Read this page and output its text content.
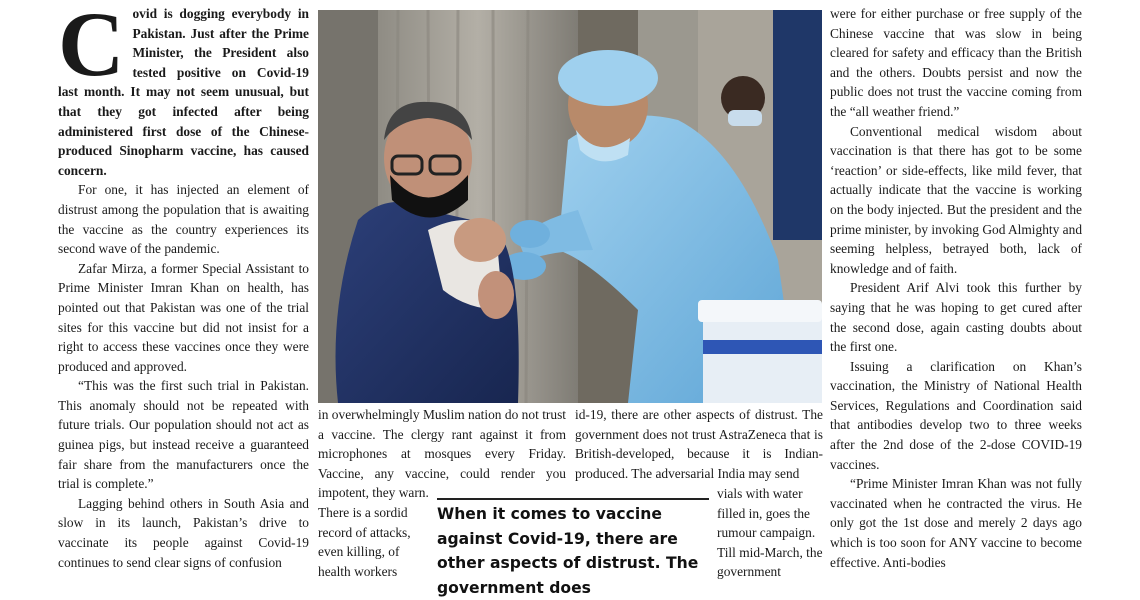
Covid is dogging everybody in Pakistan. Just after the Prime Minister, the President also tested positive on Covid-19 last month. It may not seem unusual, but that they got infected after being administered first dose of the Chinese-produced Sinopharm vaccine, has caused concern.

For one, it has injected an element of distrust among the population that is awaiting the vaccine as the country experiences its second wave of the pandemic.

Zafar Mirza, a former Special Assistant to Prime Minister Imran Khan on health, has pointed out that Pakistan was one of the trial sites for this vaccine but did not insist for a right to access these vaccines once they were produced and approved.

“This was the first such trial in Pakistan. This anomaly should not be repeated with future trials. Our population should not act as guinea pigs, but instead receive a guaranteed fair share from the manufacturers once the trial is complete.”

Lagging behind others in South Asia and slow in its launch, Pakistan’s drive to vaccinate its people against Covid-19 continues to send clear signs of confusion

in overwhelmingly Muslim nation do not trust a vaccine. The clergy rant against it from microphones at mosques every Friday. Vaccine, any vaccine, could render you impotent, they warn.

id-19, there are other aspects of distrust. The government does not trust AstraZeneca that is British-developed, because it is Indian-produced. The adversarial India may send

There is a sordid record of attacks, even killing, of health workers

vials with water filled in, goes the rumour campaign. Till mid-March, the government

When it comes to vaccine against Covid-19, there are other aspects of distrust. The government does

were for either purchase or free supply of the Chinese vaccine that was slow in being cleared for safety and efficacy than the British and the others. Doubts persist and now the public does not trust the vaccine coming from the “all weather friend.”

Conventional medical wisdom about vaccination is that there has got to be some ‘reaction’ or side-effects, like mild fever, that actually indicate that the vaccine is working on the body injected. But the president and the prime minister, by invoking God Almighty and seeming helpless, betrayed both, lack of knowledge and of faith.

President Arif Alvi took this further by saying that he was hoping to get cured after the second dose, again casting doubts about the first one.

Issuing a clarification on Khan’s vaccination, the Ministry of National Health Services, Regulations and Coordination said that antibodies develop two to three weeks after the 2nd dose of the 2-dose COVID-19 vaccines.

“Prime Minister Imran Khan was not fully vaccinated when he contracted the virus. He only got the 1st dose and merely 2 days ago which is too soon for ANY vaccine to become effective. Anti-bodies
